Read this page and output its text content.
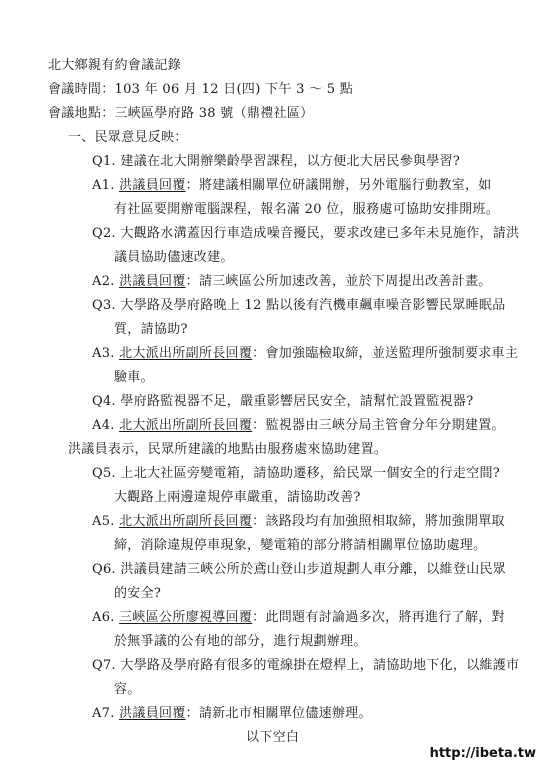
北大鄉親有約會議記錄
會議時間：103 年 06 月 12 日(四) 下午 3 ～ 5 點
會議地點：三峽區學府路 38 號（鼎禮社區）
一、民眾意見反映：
Q1. 建議在北大開辦樂齡學習課程，以方便北大居民參與學習?
A1. 洪議員回覆：將建議相關單位研議開辦，另外電腦行動教室，如
有社區要開辦電腦課程，報名滿 20 位，服務處可協助安排開班。
Q2. 大觀路水溝蓋因行車造成噪音擾民，要求改建已多年未見施作，請洪
議員協助儘速改建。
A2. 洪議員回覆：請三峽區公所加速改善，並於下周提出改善計畫。
Q3. 大學路及學府路晚上 12 點以後有汽機車飆車噪音影響民眾睡眠品
質，請協助?
A3. 北大派出所副所長回覆：會加強臨檢取締，並送監理所強制要求車主
驗車。
Q4. 學府路監視器不足，嚴重影響居民安全，請幫忙設置監視器?
A4. 北大派出所副所長回覆：監視器由三峽分局主管會分年分期建置。
洪議員表示，民眾所建議的地點由服務處來協助建置。
Q5. 上北大社區旁變電箱，請協助遷移，給民眾一個安全的行走空間?
大觀路上兩邊違規停車嚴重，請協助改善?
A5. 北大派出所副所長回覆：該路段均有加強照相取締，將加強開單取
締，消除違規停車現象，變電箱的部分將請相關單位協助處理。
Q6. 洪議員建請三峽公所於鳶山登山步道規劃人車分離，以維登山民眾
的安全?
A6. 三峽區公所廖視導回覆：此問題有討論過多次，將再進行了解，對
於無爭議的公有地的部分，進行規劃辦理。
Q7. 大學路及學府路有很多的電線掛在燈桿上，請協助地下化，以維護市
容。
A7. 洪議員回覆：請新北市相關單位儘速辦理。
以下空白
http://ibeta.tw
